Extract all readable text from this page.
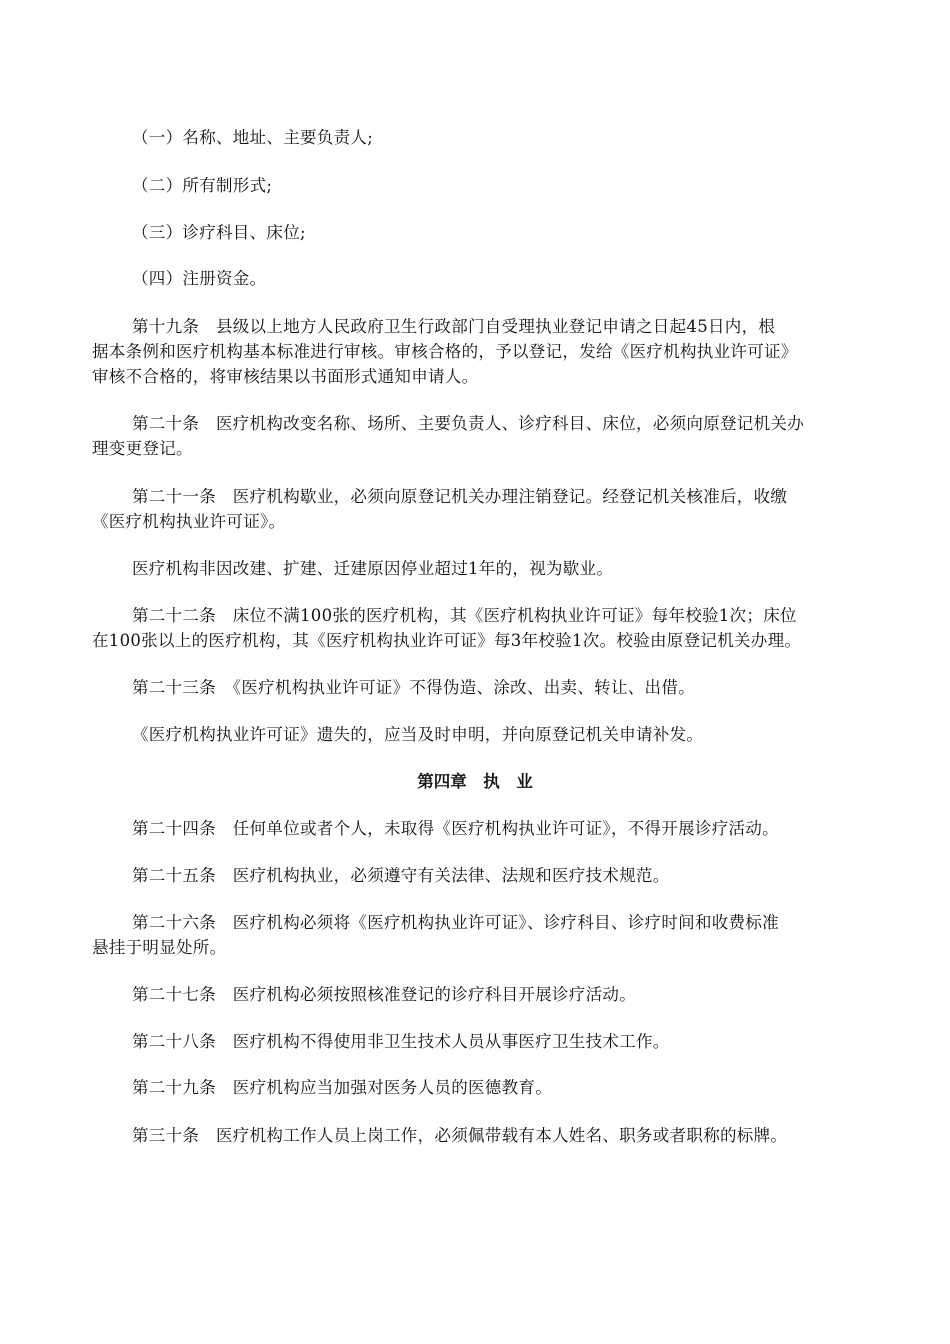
（一）名称、地址、主要负责人;
（二）所有制形式;
（三）诊疗科目、床位;
（四）注册资金。
第十九条　县级以上地方人民政府卫生行政部门自受理执业登记申请之日起45日内，根
据本条例和医疗机构基本标准进行审核。审核合格的，予以登记，发给《医疗机构执业许可证》
审核不合格的，将审核结果以书面形式通知申请人。
第二十条　医疗机构改变名称、场所、主要负责人、诊疗科目、床位，必须向原登记机关办
理变更登记。
第二十一条　医疗机构歇业，必须向原登记机关办理注销登记。经登记机关核准后，收缴
《医疗机构执业许可证》。
医疗机构非因改建、扩建、迁建原因停业超过1年的，视为歇业。
第二十二条　床位不满100张的医疗机构，其《医疗机构执业许可证》每年校验1次；床位
在100张以上的医疗机构，其《医疗机构执业许可证》每3年校验1次。校验由原登记机关办理。
第二十三条　《医疗机构执业许可证》不得伪造、涂改、出卖、转让、出借。
《医疗机构执业许可证》遗失的，应当及时申明，并向原登记机关申请补发。
第四章　执　业
第二十四条　任何单位或者个人，未取得《医疗机构执业许可证》，不得开展诊疗活动。
第二十五条　医疗机构执业，必须遵守有关法律、法规和医疗技术规范。
第二十六条　医疗机构必须将《医疗机构执业许可证》、诊疗科目、诊疗时间和收费标准
悬挂于明显处所。
第二十七条　医疗机构必须按照核准登记的诊疗科目开展诊疗活动。
第二十八条　医疗机构不得使用非卫生技术人员从事医疗卫生技术工作。
第二十九条　医疗机构应当加强对医务人员的医德教育。
第三十条　医疗机构工作人员上岗工作，必须佩带载有本人姓名、职务或者职称的标牌。
